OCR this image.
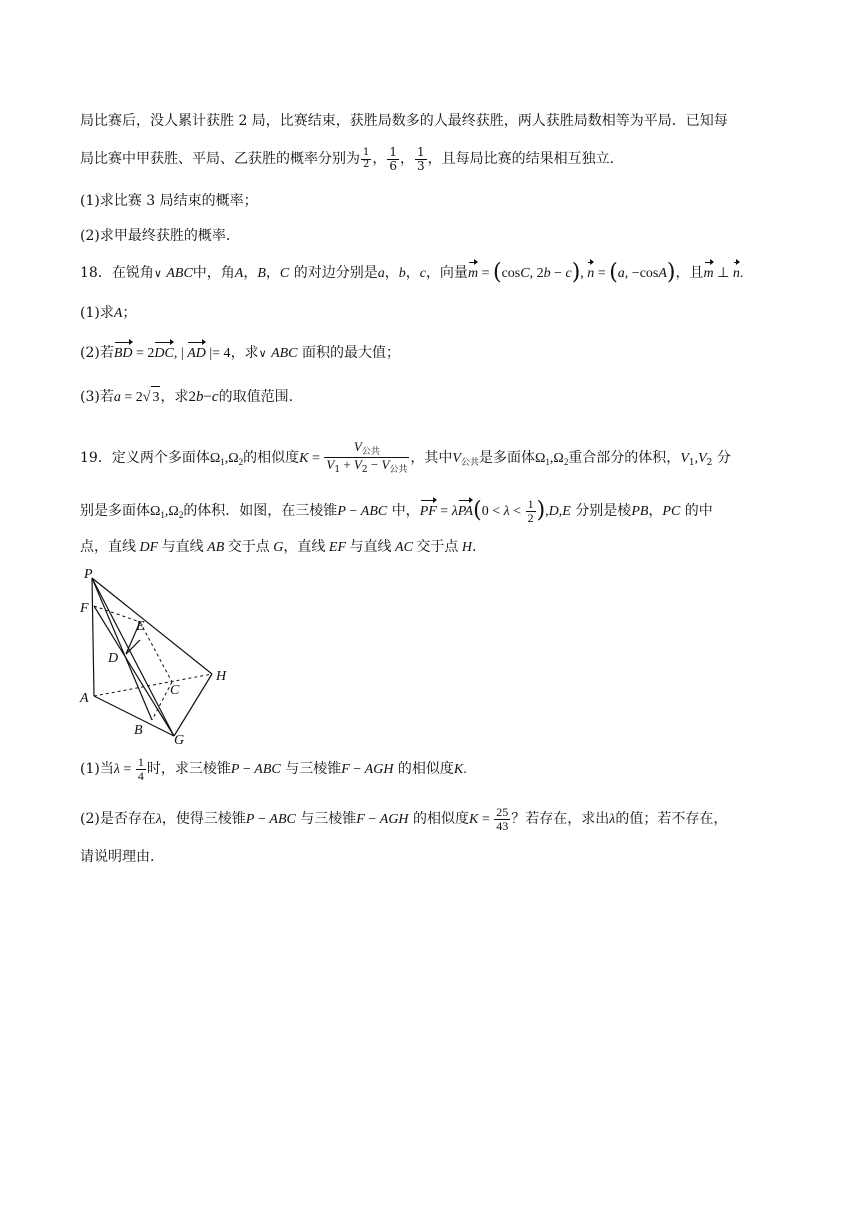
局比赛后，没人累计获胜 2 局，比赛结束，获胜局数多的人最终获胜，两人获胜局数相等为平局．已知每
局比赛中甲获胜、平局、乙获胜的概率分别为 $\frac{1}{2}$ ， $\frac{1}{6}$ ， $\frac{1}{3}$ ，且每局比赛的结果相互独立.
(1)求比赛 3 局结束的概率；
(2)求甲最终获胜的概率.
18．在锐角∨ ABC中，角A，B，C 的对边分别是a，b，c，向量m = (cosC, 2b − c), n = (a, −cosA)，且m ⊥ n.
(1)求A；
(2)若BD = 2DC, | AD |= 4，求∨ ABC 面积的最大值；
(3)若a = 2√ 3，求2b−c的取值范围.
19．定义两个多面体$\Omega_1,\Omega_2$的相似度$K = \frac{V_{公共}}{V_1 + V_2 - V_{公共}}$ ，其中$V_{公共}$是多面体$\Omega_1,\Omega_2$重合部分的体积，$V_1,V_2$ 分
别是多面体$\Omega_1,\Omega_2$的体积．如图，在三棱锥P − ABC 中，PF = $\lambda PA(0 < \lambda < \frac{1}{2} ),D,E$ 分别是棱PB，PC 的中
点，直线 DF 与直线 AB 交于点 G，直线 EF 与直线 AC 交于点 H.
P
F
E
D
H
C
A
B
G
(1)当$\lambda = \frac{1}{4}$ 时，求三棱锥P − ABC 与三棱锥F − AGH 的相似度K.
(2)是否存在λ，使得三棱锥P − ABC 与三棱锥F − AGH 的相似度$K = \frac{25}{43}$ ？若存在，求出λ的值；若不存在，
请说明理由.
